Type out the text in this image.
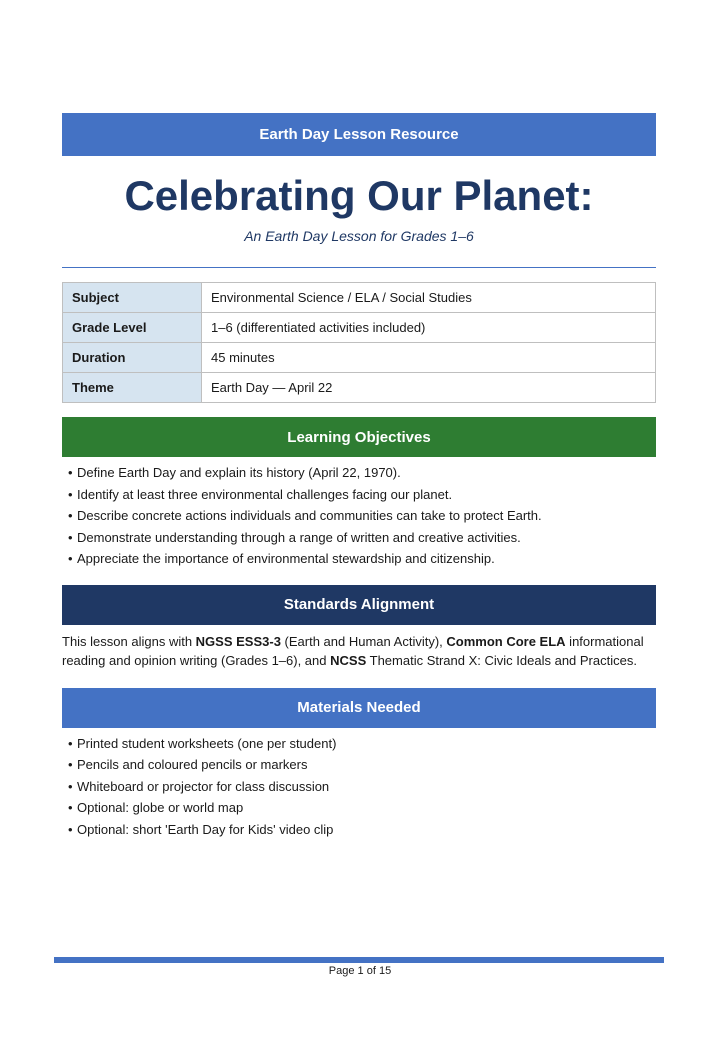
Earth Day Lesson Resource
Celebrating Our Planet:
An Earth Day Lesson for Grades 1–6
Subject	Environmental Science / ELA / Social Studies
Grade Level	1–6 (differentiated activities included)
Duration	45 minutes
Theme	Earth Day — April 22
Learning Objectives
• Define Earth Day and explain its history (April 22, 1970).
• Identify at least three environmental challenges facing our planet.
• Describe concrete actions individuals and communities can take to protect Earth.
• Demonstrate understanding through a range of written and creative activities.
• Appreciate the importance of environmental stewardship and citizenship.
Standards Alignment
This lesson aligns with NGSS ESS3-3 (Earth and Human Activity), Common Core ELA informational reading and opinion writing (Grades 1–6), and NCSS Thematic Strand X: Civic Ideals and Practices.
Materials Needed
• Printed student worksheets (one per student)
• Pencils and coloured pencils or markers
• Whiteboard or projector for class discussion
• Optional: globe or world map
• Optional: short 'Earth Day for Kids' video clip
Page 1 of 15
